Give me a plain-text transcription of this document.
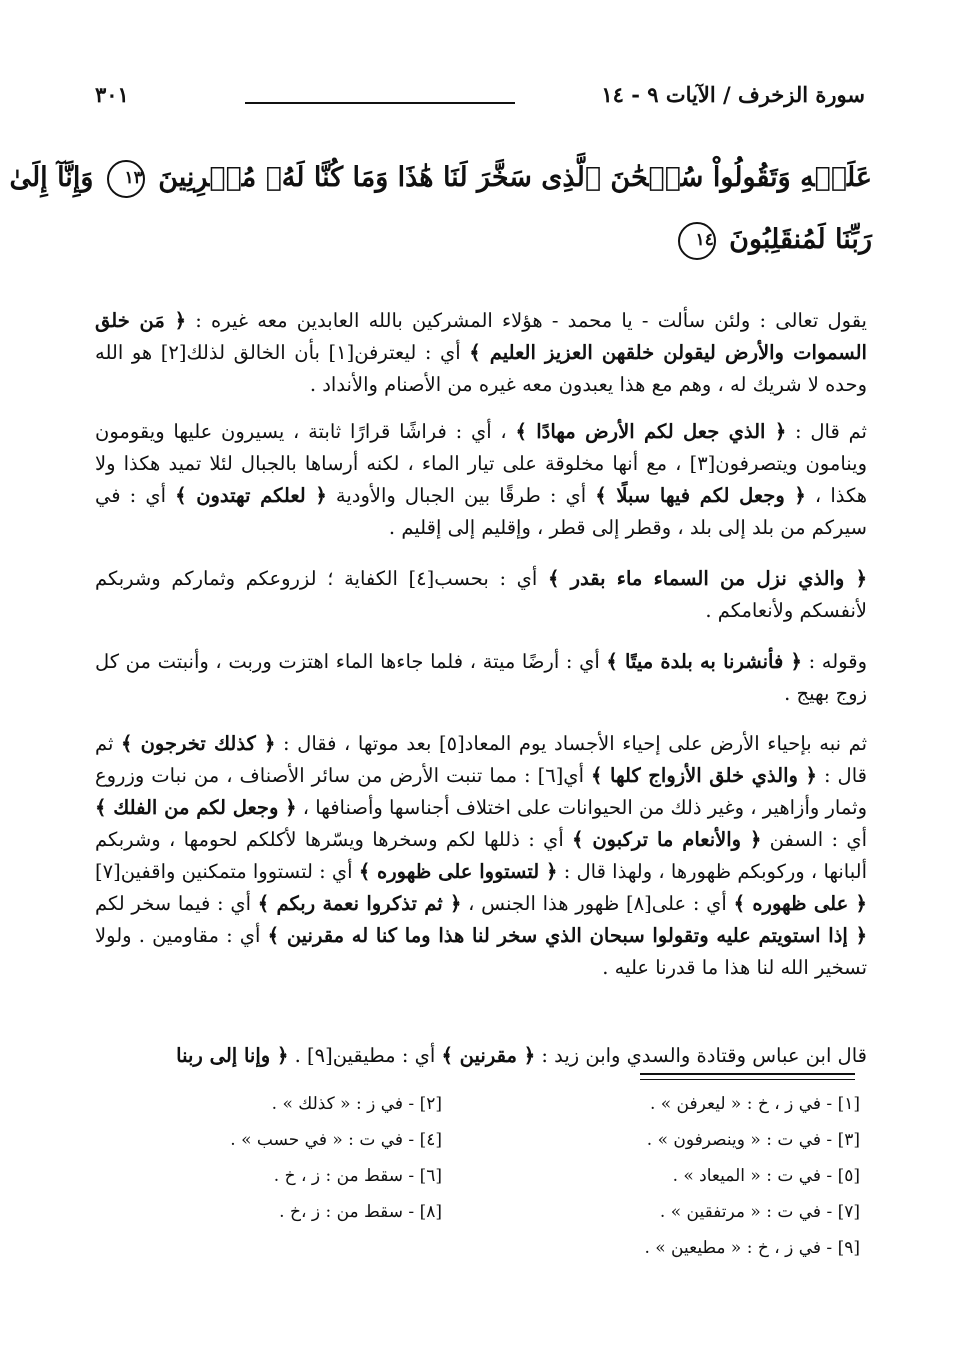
سورة الزخرف / الآيات ٩ - ١٤
٣٠١
عَلَيۡهِ وَتَقُولُواْ سُبۡحَٰنَ ٱلَّذِى سَخَّرَ لَنَا هَٰذَا وَمَا كُنَّا لَهُۥ مُقۡرِنِينَ ١٣ وَإِنَّآ إِلَىٰ
رَبِّنَا لَمُنقَلِبُونَ ١٤

يقول تعالى : ولئن سألت - يا محمد - هؤلاء المشركين بالله العابدين معه غيره : ﴿ مَن خلق السموات والأرض ليقولن خلقهن العزيز العليم ﴾ أي : ليعترفن[١] بأن الخالق لذلك[٢] هو الله وحده لا شريك له ، وهم مع هذا يعبدون معه غيره من الأصنام والأنداد .

ثم قال : ﴿ الذي جعل لكم الأرض مهادًا ﴾ ، أي : فراشًا قرارًا ثابتة ، يسيرون عليها ويقومون وينامون ويتصرفون[٣] ، مع أنها مخلوقة على تيار الماء ، لكنه أرساها بالجبال لئلا تميد هكذا ولا هكذا ، ﴿ وجعل لكم فيها سبلًا ﴾ أي : طرقًا بين الجبال والأودية ﴿ لعلكم تهتدون ﴾ أي : في سيركم من بلد إلى بلد ، وقطر إلى قطر ، وإقليم إلى إقليم .

﴿ والذي نزل من السماء ماء بقدر ﴾ أي : بحسب[٤] الكفاية ؛ لزروعكم وثماركم وشربكم لأنفسكم ولأنعامكم .

وقوله : ﴿ فأنشرنا به بلدة ميتًا ﴾ أي : أرضًا ميتة ، فلما جاءها الماء اهتزت وربت ، وأنبتت من كل زوج بهيج .

ثم نبه بإحياء الأرض على إحياء الأجساد يوم المعاد[٥] بعد موتها ، فقال : ﴿ كذلك تخرجون ﴾ ثم قال : ﴿ والذي خلق الأزواج كلها ﴾ أي[٦] : مما تنبت الأرض من سائر الأصناف ، من نبات وزروع وثمار وأزاهير ، وغير ذلك من الحيوانات على اختلاف أجناسها وأصنافها ، ﴿ وجعل لكم من الفلك ﴾ أي : السفن ﴿ والأنعام ما تركبون ﴾ أي : ذللها لكم وسخرها ويسّرها لأكلكم لحومها ، وشربكم ألبانها ، وركوبكم ظهورها ، ولهذا قال : ﴿ لتستووا على ظهوره ﴾ أي : لتستووا متمكنين واقفين[٧] ﴿ على ظهوره ﴾ أي : على[٨] ظهور هذا الجنس ، ﴿ ثم تذكروا نعمة ربكم ﴾ أي : فيما سخر لكم ﴿ إذا استويتم عليه وتقولوا سبحان الذي سخر لنا هذا وما كنا له مقرنين ﴾ أي : مقاومين . ولولا تسخير الله لنا هذا ما قدرنا عليه .

قال ابن عباس وقتادة والسدي وابن زيد : ﴿ مقرنين ﴾ أي : مطيقين[٩] . ﴿ وإنا إلى ربنا

[١] - في ز ، خ : « ليعرفن » .
[٢] - في ز : « كذلك » .
[٣] - في ت : « وينصرفون » .
[٤] - في ت : « في حسب » .
[٥] - في ت : « الميعاد » .
[٦] - سقط من : ز ، خ .
[٧] - في ت : « مرتفقين » .
[٨] - سقط من : ز ،خ .
[٩] - في ز ، خ : « مطيعين » .
